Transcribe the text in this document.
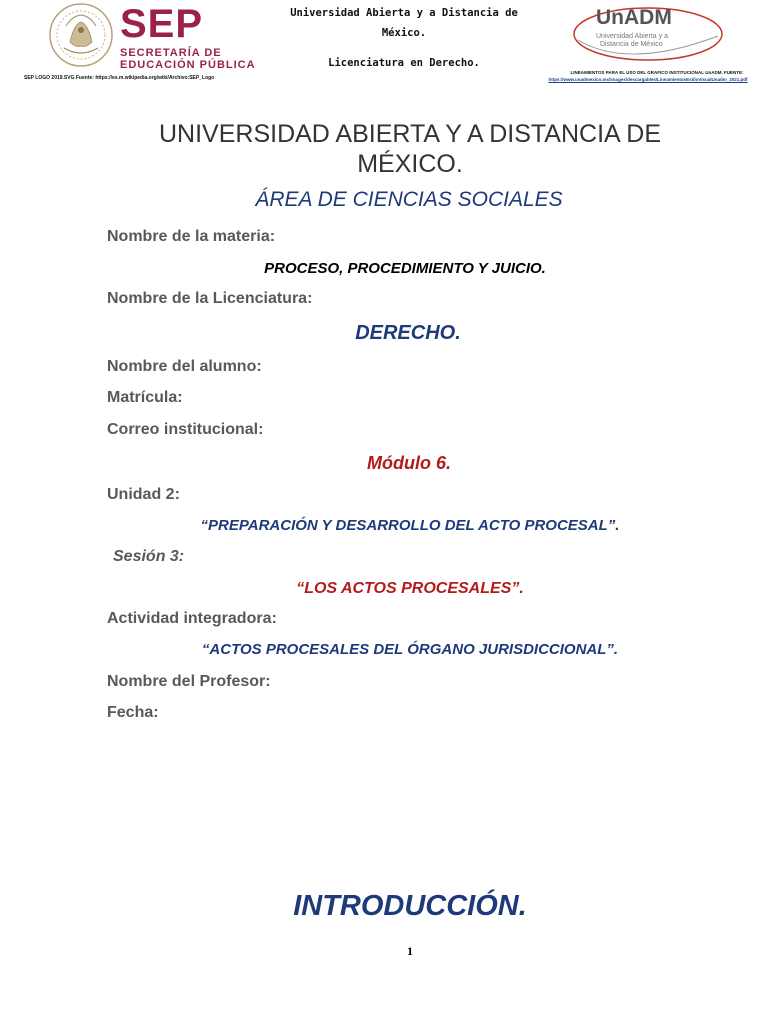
SEP
SECRETARÍA DE
EDUCACIÓN PÚBLICA
SEP LOGO 2019.SVG Fuente: https://es.m.wikipedia.org/wiki/Archivo:SEP_Logo
Universidad Abierta y a Distancia de
México.
Licenciatura en Derecho.
UnADM
Universidad Abierta y a
Distancia de México
LINEAMIENTOS PARA EL USO DEL GRAFICO INSTITUCIONAL UnADM. FUENTE:
https://www.unadmexico.mx/images/descargables/LineamientosEstiloVisualUnadm_2021.pdf
UNIVERSIDAD ABIERTA Y A DISTANCIA DE MÉXICO.
ÁREA DE CIENCIAS SOCIALES
Nombre de la materia:
PROCESO, PROCEDIMIENTO Y JUICIO.
Nombre de la Licenciatura:
DERECHO.
Nombre del alumno:
Matrícula:
Correo institucional:
Módulo 6.
Unidad 2:
“PREPARACIÓN Y DESARROLLO DEL ACTO PROCESAL”.
Sesión 3:
“LOS ACTOS PROCESALES”.
Actividad integradora:
“ACTOS PROCESALES DEL ÓRGANO JURISDICCIONAL”.
Nombre del Profesor:
Fecha:
INTRODUCCIÓN.
1
